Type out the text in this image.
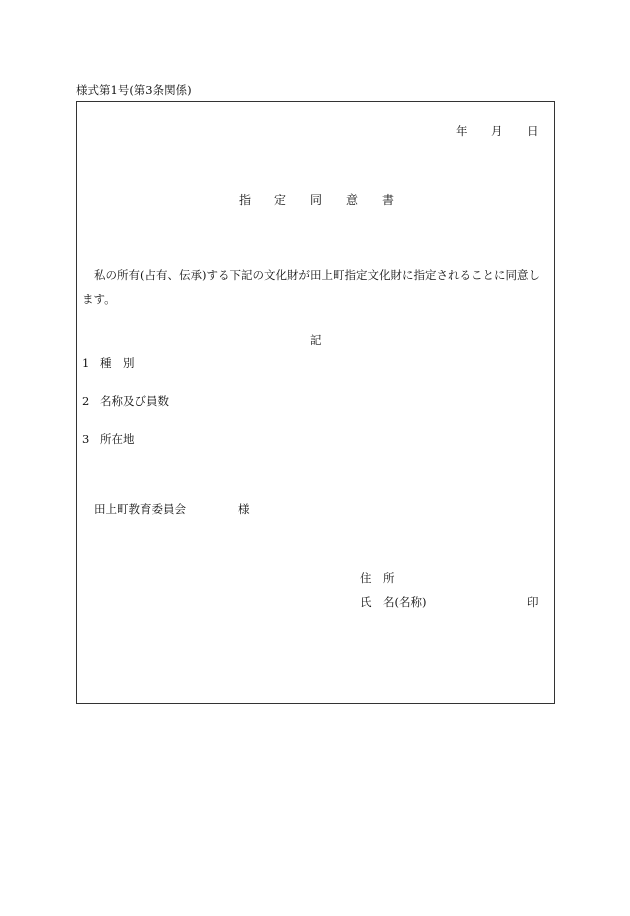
様式第1号(第3条関係)
年 月 日
指 定 同 意 書
私の所有(占有、伝承)する下記の文化財が田上町指定文化財に指定されることに同意します。
記
1 種　別
2 名称及び員数
3 所在地
田上町教育委員会	様
住　所
氏　名(名称)	印
